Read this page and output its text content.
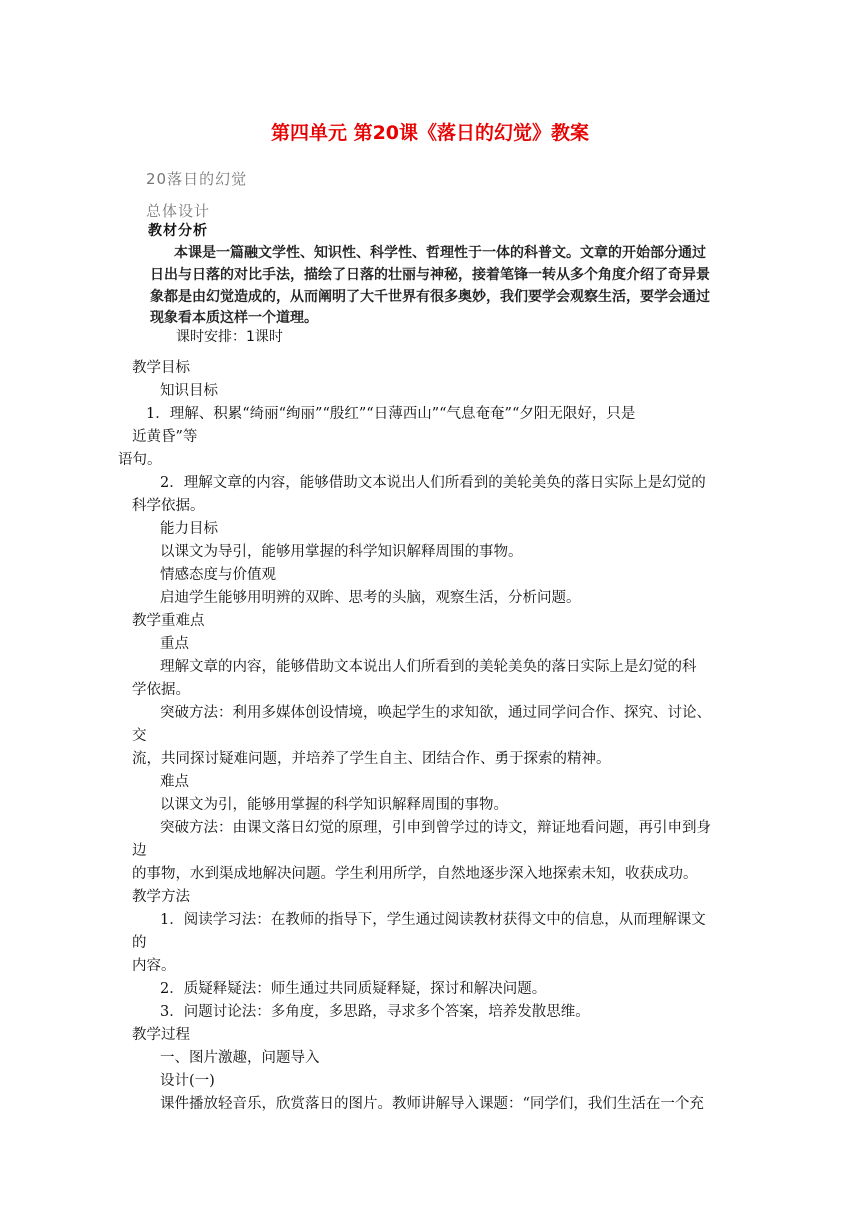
第四单元 第20课《落日的幻觉》教案
20落日的幻觉
总体设计
教材分析
本课是一篇融文学性、知识性、科学性、哲理性于一体的科普文。文章的开始部分通过
日出与日落的对比手法，描绘了日落的壮丽与神秘，接着笔锋一转从多个角度介绍了奇异景
象都是由幻觉造成的，从而阐明了大千世界有很多奥妙，我们要学会观察生活，要学会通过
现象看本质这样一个道理。
课时安排：1课时
教学目标
知识目标
1．理解、积累“绮丽“绚丽”“殷红”“日薄西山”“气息奄奄”“夕阳无限好，只是
近黄昏”等
语句。
2．理解文章的内容，能够借助文本说出人们所看到的美轮美奂的落日实际上是幻觉的
科学依据。
能力目标
以课文为导引，能够用掌握的科学知识解释周围的事物。
情感态度与价值观
启迪学生能够用明辨的双眸、思考的头脑，观察生活，分析问题。
教学重难点
重点
理解文章的内容，能够借助文本说出人们所看到的美轮美奂的落日实际上是幻觉的科
学依据。
突破方法：利用多媒体创设情境，唤起学生的求知欲，通过同学问合作、探究、讨论、
交
流，共同探讨疑难问题，并培养了学生自主、团结合作、勇于探索的精神。
难点
以课文为引，能够用掌握的科学知识解释周围的事物。
突破方法：由课文落日幻觉的原理，引申到曾学过的诗文，辩证地看问题，再引申到身
边
的事物，水到渠成地解决问题。学生利用所学，自然地逐步深入地探索未知，收获成功。
教学方法
1．阅读学习法：在教师的指导下，学生通过阅读教材获得文中的信息，从而理解课文
的
内容。
2．质疑释疑法：师生通过共同质疑释疑，探讨和解决问题。
3．问题讨论法：多角度，多思路，寻求多个答案，培养发散思维。
教学过程
一、图片激趣，问题导入
设计(一)
课件播放轻音乐，欣赏落日的图片。教师讲解导入课题：“同学们，我们生活在一个充
